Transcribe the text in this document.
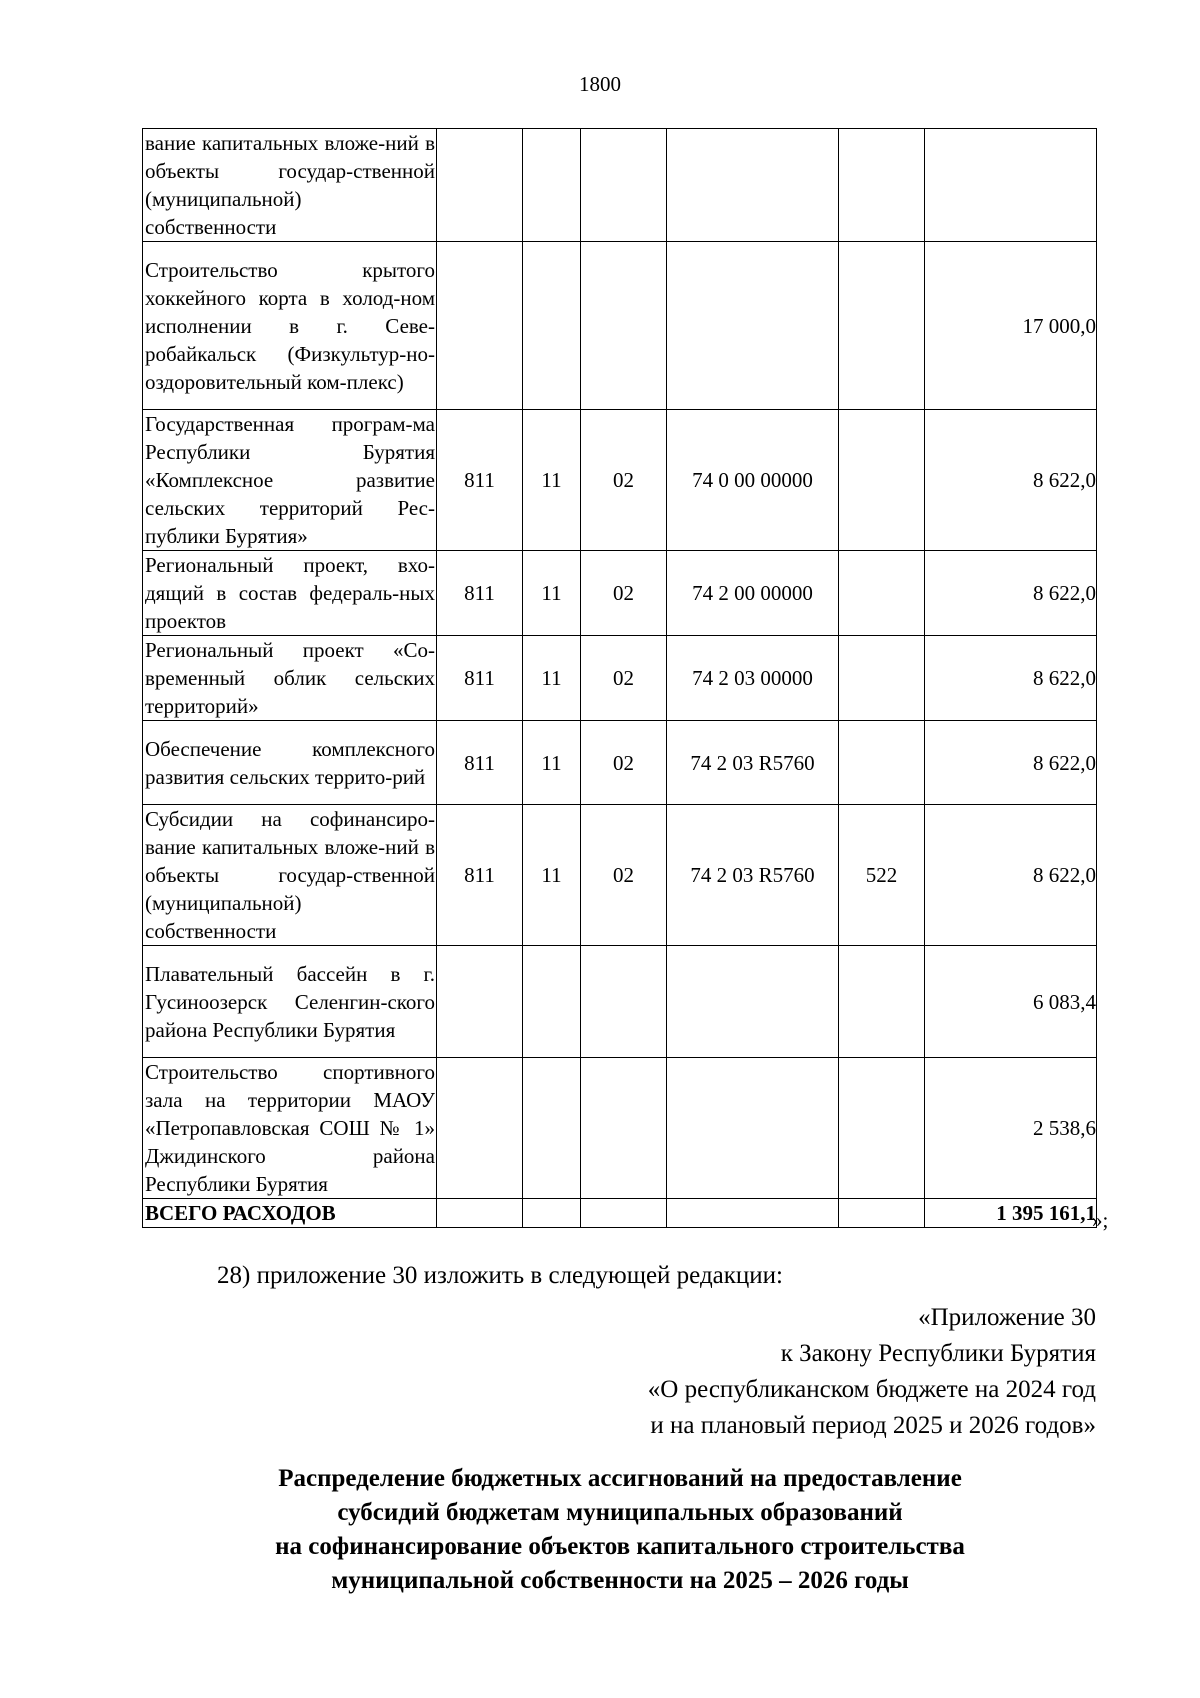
1800
вание капитальных вложе-ний в объекты государ-ственной (муниципальной) собственности						
Строительство крытого хоккейного корта в холод-ном исполнении в г. Севе-робайкальск (Физкультур-но-оздоровительный ком-плекс)						17 000,0
Государственная програм-ма Республики Бурятия «Комплексное развитие сельских территорий Рес-публики Бурятия»	811	11	02	74 0 00 00000		8 622,0
Региональный проект, вхо-дящий в состав федераль-ных проектов	811	11	02	74 2 00 00000		8 622,0
Региональный проект «Со-временный облик сельских территорий»	811	11	02	74 2 03 00000		8 622,0
Обеспечение комплексного развития сельских террито-рий	811	11	02	74 2 03 R5760		8 622,0
Субсидии на софинансиро-вание капитальных вложе-ний в объекты государ-ственной (муниципальной) собственности	811	11	02	74 2 03 R5760	522	8 622,0
Плавательный бассейн в г. Гусиноозерск Селенгин-ского района Республики Бурятия						6 083,4
Строительство спортивного зала на территории МАОУ «Петропавловская СОШ № 1» Джидинского района Республики Бурятия						2 538,6
ВСЕГО РАСХОДОВ						1 395 161,1
»;
28) приложение 30 изложить в следующей редакции:
«Приложение 30
к Закону Республики Бурятия
«О республиканском бюджете на 2024 год
и на плановый период 2025 и 2026 годов»
Распределение бюджетных ассигнований на предоставление
субсидий бюджетам муниципальных образований
на софинансирование объектов капитального строительства
муниципальной собственности на 2025 – 2026 годы
